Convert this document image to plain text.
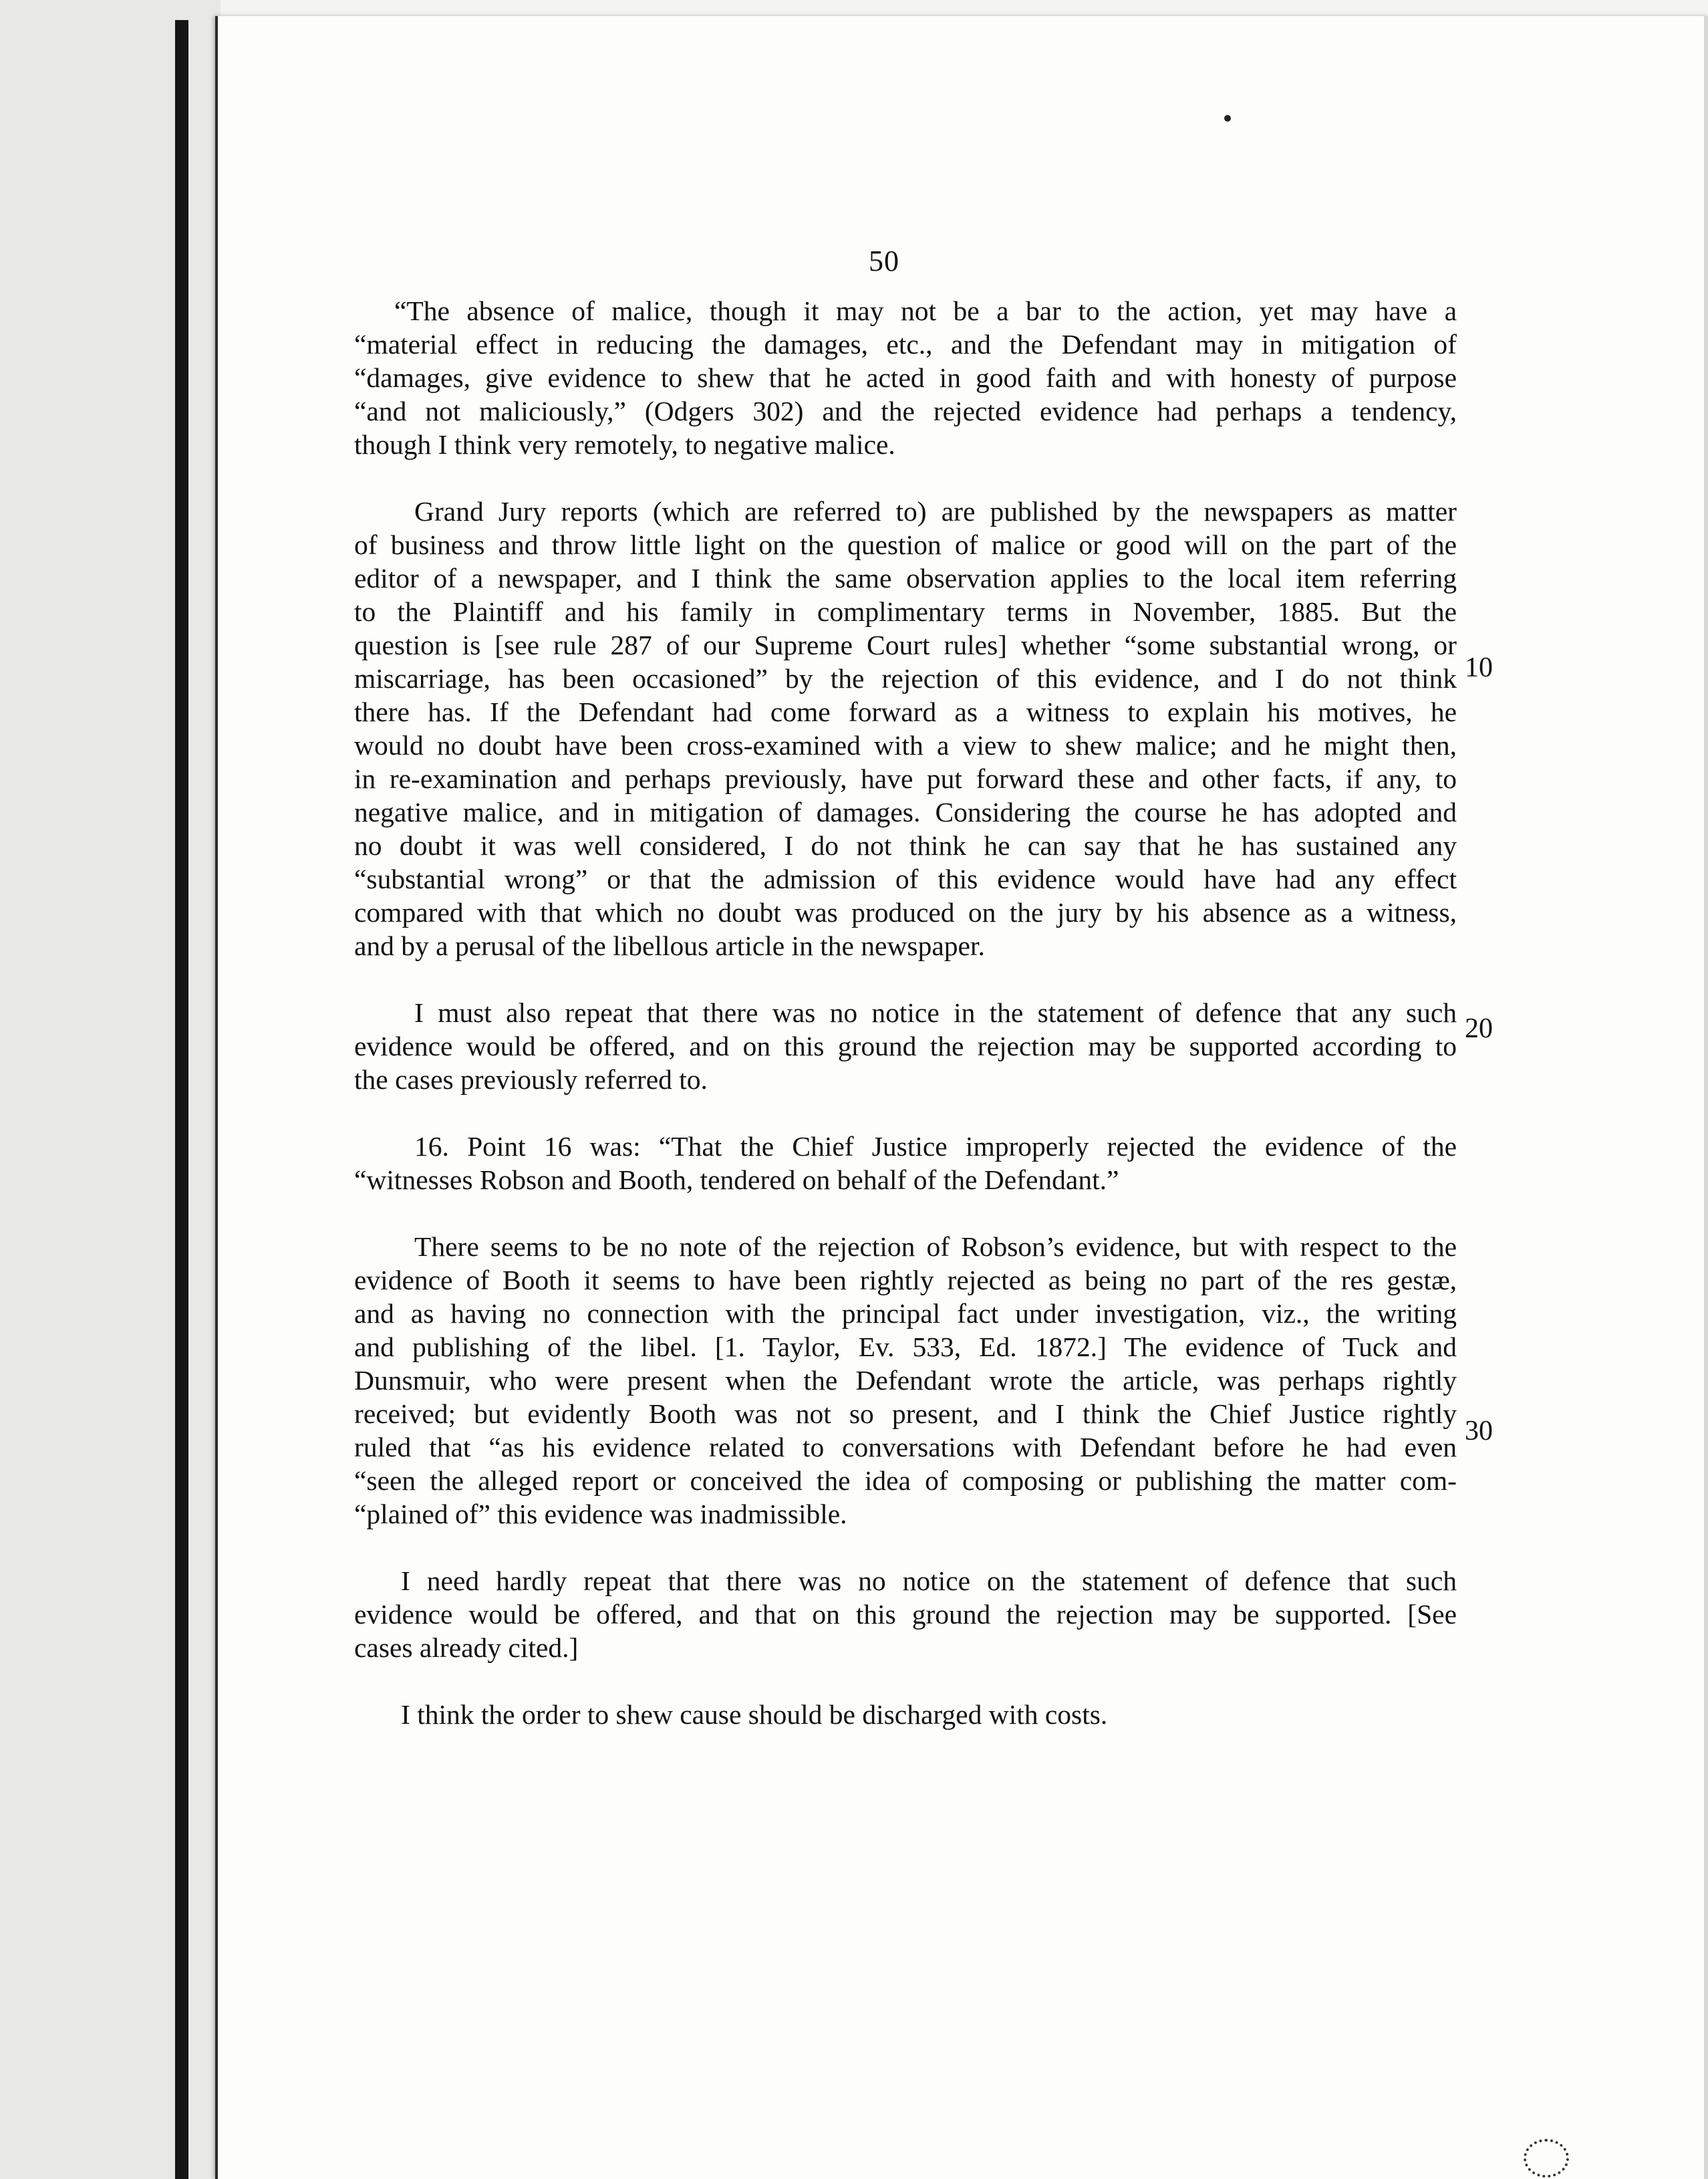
50
“The absence of malice, though it may not be a bar to the action, yet may have a
“material effect in reducing the damages, etc., and the Defendant may in mitigation of
“damages, give evidence to shew that he acted in good faith and with honesty of purpose
“and not maliciously,” (Odgers 302) and the rejected evidence had perhaps a tendency,
though I think very remotely, to negative malice.
Grand Jury reports (which are referred to) are published by the newspapers as matter
of business and throw little light on the question of malice or good will on the part of the
editor of a newspaper, and I think the same observation applies to the local item referring
to the Plaintiff and his family in complimentary terms in November, 1885. But the
question is [see rule 287 of our Supreme Court rules] whether “some substantial wrong, or
miscarriage, has been occasioned” by the rejection of this evidence, and I do not think
there has. If the Defendant had come forward as a witness to explain his motives, he
would no doubt have been cross-examined with a view to shew malice; and he might then,
in re-examination and perhaps previously, have put forward these and other facts, if any, to
negative malice, and in mitigation of damages. Considering the course he has adopted and
no doubt it was well considered, I do not think he can say that he has sustained any
“substantial wrong” or that the admission of this evidence would have had any effect
compared with that which no doubt was produced on the jury by his absence as a witness,
and by a perusal of the libellous article in the newspaper.
I must also repeat that there was no notice in the statement of defence that any such
evidence would be offered, and on this ground the rejection may be supported according to
the cases previously referred to.
16. Point 16 was: “That the Chief Justice improperly rejected the evidence of the
“witnesses Robson and Booth, tendered on behalf of the Defendant.”
There seems to be no note of the rejection of Robson’s evidence, but with respect to the
evidence of Booth it seems to have been rightly rejected as being no part of the res gestæ,
and as having no connection with the principal fact under investigation, viz., the writing
and publishing of the libel. [1. Taylor, Ev. 533, Ed. 1872.] The evidence of Tuck and
Dunsmuir, who were present when the Defendant wrote the article, was perhaps rightly
received; but evidently Booth was not so present, and I think the Chief Justice rightly
ruled that “as his evidence related to conversations with Defendant before he had even
“seen the alleged report or conceived the idea of composing or publishing the matter com-
“plained of” this evidence was inadmissible.
I need hardly repeat that there was no notice on the statement of defence that such
evidence would be offered, and that on this ground the rejection may be supported. [See
cases already cited.]
I think the order to shew cause should be discharged with costs.
10
20
30
